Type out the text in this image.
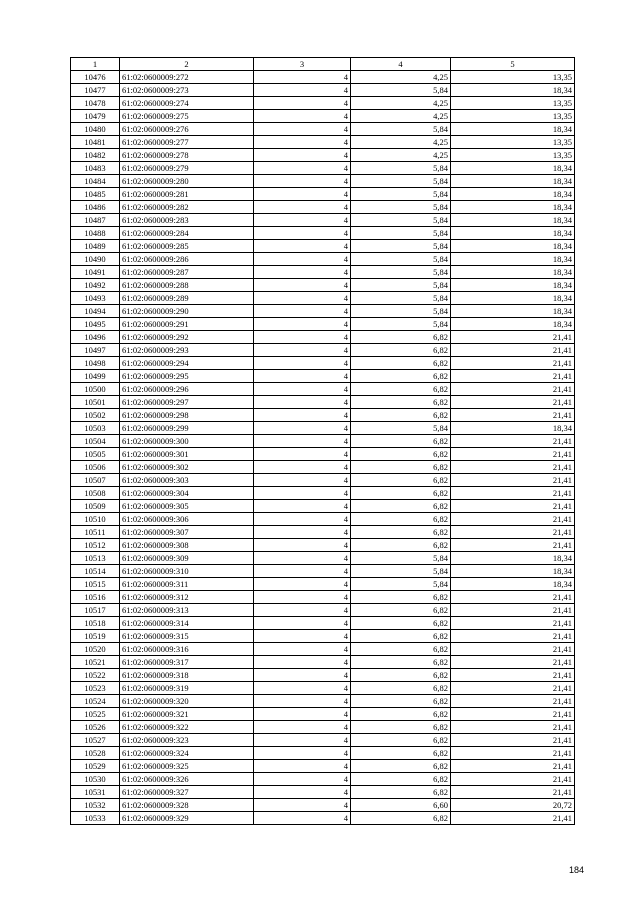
1	2	3	4	5
10476	61:02:0600009:272	4	4,25	13,35
10477	61:02:0600009:273	4	5,84	18,34
10478	61:02:0600009:274	4	4,25	13,35
10479	61:02:0600009:275	4	4,25	13,35
10480	61:02:0600009:276	4	5,84	18,34
10481	61:02:0600009:277	4	4,25	13,35
10482	61:02:0600009:278	4	4,25	13,35
10483	61:02:0600009:279	4	5,84	18,34
10484	61:02:0600009:280	4	5,84	18,34
10485	61:02:0600009:281	4	5,84	18,34
10486	61:02:0600009:282	4	5,84	18,34
10487	61:02:0600009:283	4	5,84	18,34
10488	61:02:0600009:284	4	5,84	18,34
10489	61:02:0600009:285	4	5,84	18,34
10490	61:02:0600009:286	4	5,84	18,34
10491	61:02:0600009:287	4	5,84	18,34
10492	61:02:0600009:288	4	5,84	18,34
10493	61:02:0600009:289	4	5,84	18,34
10494	61:02:0600009:290	4	5,84	18,34
10495	61:02:0600009:291	4	5,84	18,34
10496	61:02:0600009:292	4	6,82	21,41
10497	61:02:0600009:293	4	6,82	21,41
10498	61:02:0600009:294	4	6,82	21,41
10499	61:02:0600009:295	4	6,82	21,41
10500	61:02:0600009:296	4	6,82	21,41
10501	61:02:0600009:297	4	6,82	21,41
10502	61:02:0600009:298	4	6,82	21,41
10503	61:02:0600009:299	4	5,84	18,34
10504	61:02:0600009:300	4	6,82	21,41
10505	61:02:0600009:301	4	6,82	21,41
10506	61:02:0600009:302	4	6,82	21,41
10507	61:02:0600009:303	4	6,82	21,41
10508	61:02:0600009:304	4	6,82	21,41
10509	61:02:0600009:305	4	6,82	21,41
10510	61:02:0600009:306	4	6,82	21,41
10511	61:02:0600009:307	4	6,82	21,41
10512	61:02:0600009:308	4	6,82	21,41
10513	61:02:0600009:309	4	5,84	18,34
10514	61:02:0600009:310	4	5,84	18,34
10515	61:02:0600009:311	4	5,84	18,34
10516	61:02:0600009:312	4	6,82	21,41
10517	61:02:0600009:313	4	6,82	21,41
10518	61:02:0600009:314	4	6,82	21,41
10519	61:02:0600009:315	4	6,82	21,41
10520	61:02:0600009:316	4	6,82	21,41
10521	61:02:0600009:317	4	6,82	21,41
10522	61:02:0600009:318	4	6,82	21,41
10523	61:02:0600009:319	4	6,82	21,41
10524	61:02:0600009:320	4	6,82	21,41
10525	61:02:0600009:321	4	6,82	21,41
10526	61:02:0600009:322	4	6,82	21,41
10527	61:02:0600009:323	4	6,82	21,41
10528	61:02:0600009:324	4	6,82	21,41
10529	61:02:0600009:325	4	6,82	21,41
10530	61:02:0600009:326	4	6,82	21,41
10531	61:02:0600009:327	4	6,82	21,41
10532	61:02:0600009:328	4	6,60	20,72
10533	61:02:0600009:329	4	6,82	21,41
184
